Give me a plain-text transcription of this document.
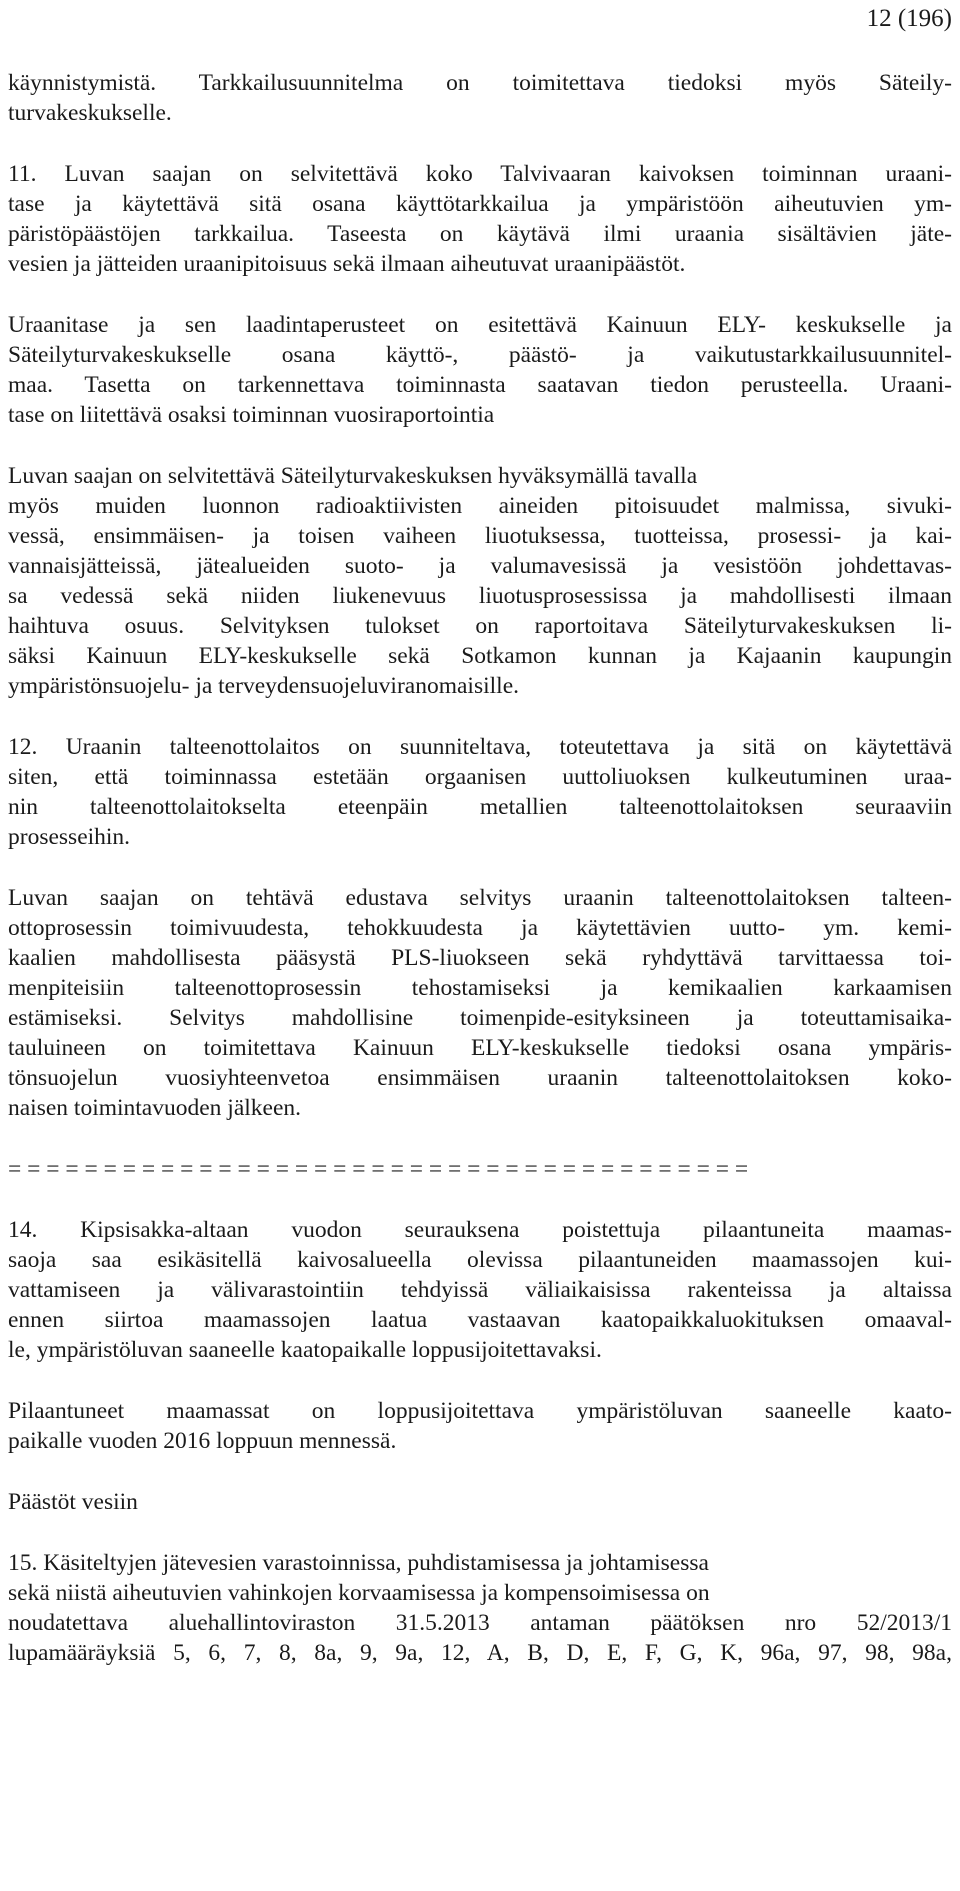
12 (196)
käynnistymistä. Tarkkailusuunnitelma on toimitettava tiedoksi myös Säteily-
turvakeskukselle.
11. Luvan saajan on selvitettävä koko Talvivaaran kaivoksen toiminnan uraani-
tase ja käytettävä sitä osana käyttötarkkailua ja ympäristöön aiheutuvien ym-
päristöpäästöjen tarkkailua. Taseesta on käytävä ilmi uraania sisältävien jäte-
vesien ja jätteiden uraanipitoisuus sekä ilmaan aiheutuvat uraanipäästöt.
Uraanitase ja sen laadintaperusteet on esitettävä Kainuun ELY- keskukselle ja
Säteilyturvakeskukselle osana käyttö-, päästö- ja vaikutustarkkailusuunnitel-
maa. Tasetta on tarkennettava toiminnasta saatavan tiedon perusteella. Uraani-
tase on liitettävä osaksi toiminnan vuosiraportointia
Luvan saajan on selvitettävä Säteilyturvakeskuksen hyväksymällä tavalla
myös muiden luonnon radioaktiivisten aineiden pitoisuudet malmissa, sivuki-
vessä, ensimmäisen- ja toisen vaiheen liuotuksessa, tuotteissa, prosessi- ja kai-
vannaisjätteissä, jätealueiden suoto- ja valumavesissä ja vesistöön johdettavas-
sa vedessä sekä niiden liukenevuus liuotusprosessissa ja mahdollisesti ilmaan
haihtuva osuus. Selvityksen tulokset on raportoitava Säteilyturvakeskuksen li-
säksi Kainuun ELY-keskukselle sekä Sotkamon kunnan ja Kajaanin kaupungin
ympäristönsuojelu- ja terveydensuojeluviranomaisille.
12. Uraanin talteenottolaitos on suunniteltava, toteutettava ja sitä on käytettävä
siten, että toiminnassa estetään orgaanisen uuttoliuoksen kulkeutuminen uraa-
nin talteenottolaitokselta eteenpäin metallien talteenottolaitoksen seuraaviin
prosesseihin.
Luvan saajan on tehtävä edustava selvitys uraanin talteenottolaitoksen talteen-
ottoprosessin toimivuudesta, tehokkuudesta ja käytettävien uutto- ym. kemi-
kaalien mahdollisesta pääsystä PLS-liuokseen sekä ryhdyttävä tarvittaessa toi-
menpiteisiin talteenottoprosessin tehostamiseksi ja kemikaalien karkaamisen
estämiseksi. Selvitys mahdollisine toimenpide-esityksineen ja toteuttamisaika-
tauluineen on toimitettava Kainuun ELY-keskukselle tiedoksi osana ympäris-
tönsuojelun vuosiyhteenvetoa ensimmäisen uraanin talteenottolaitoksen koko-
naisen toimintavuoden jälkeen.
= = = = = = = = = = = = = = = = = = = = = = = = = = = = = = = = = = = = = = =
14. Kipsisakka-altaan vuodon seurauksena poistettuja pilaantuneita maamas-
saoja saa esikäsitellä kaivosalueella olevissa pilaantuneiden maamassojen kui-
vattamiseen ja välivarastointiin tehdyissä väliaikaisissa rakenteissa ja altaissa
ennen siirtoa maamassojen laatua vastaavan kaatopaikkaluokituksen omaaval-
le, ympäristöluvan saaneelle kaatopaikalle loppusijoitettavaksi.
Pilaantuneet maamassat on loppusijoitettava ympäristöluvan saaneelle kaato-
paikalle vuoden 2016 loppuun mennessä.
Päästöt vesiin
15. Käsiteltyjen jätevesien varastoinnissa, puhdistamisessa ja johtamisessa
sekä niistä aiheutuvien vahinkojen korvaamisessa ja kompensoimisessa on
noudatettava aluehallintoviraston 31.5.2013 antaman päätöksen nro 52/2013/1
lupamääräyksiä 5, 6, 7, 8, 8a, 9, 9a, 12, A, B, D, E, F, G, K, 96a, 97, 98, 98a,
